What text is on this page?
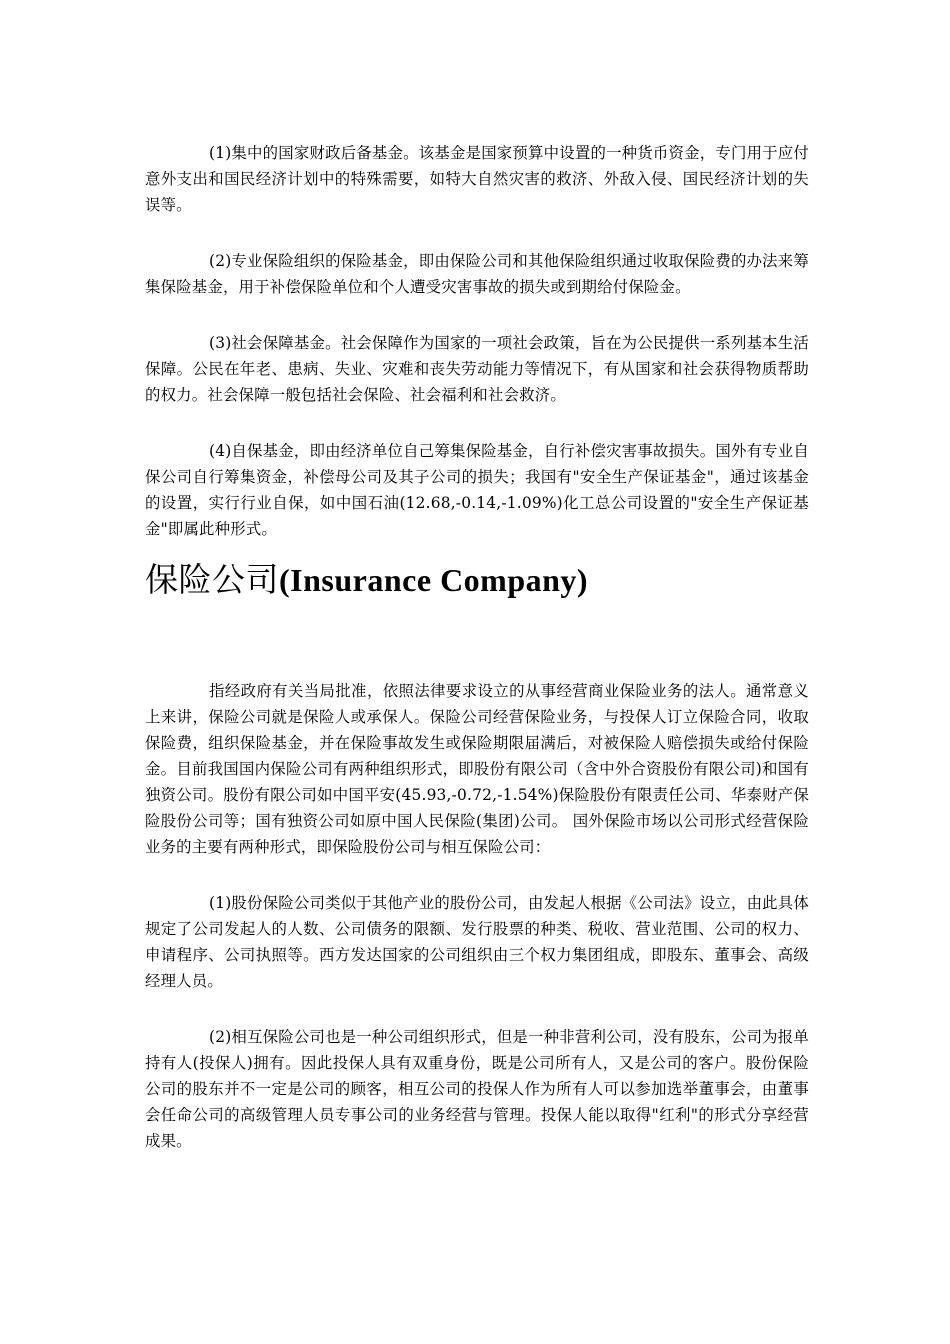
(1)集中的国家财政后备基金。该基金是国家预算中设置的一种货币资金，专门用于应付意外支出和国民经济计划中的特殊需要，如特大自然灾害的救济、外敌入侵、国民经济计划的失误等。

(2)专业保险组织的保险基金，即由保险公司和其他保险组织通过收取保险费的办法来筹集保险基金，用于补偿保险单位和个人遭受灾害事故的损失或到期给付保险金。

(3)社会保障基金。社会保障作为国家的一项社会政策，旨在为公民提供一系列基本生活保障。公民在年老、患病、失业、灾难和丧失劳动能力等情况下，有从国家和社会获得物质帮助的权力。社会保障一般包括社会保险、社会福利和社会救济。

(4)自保基金，即由经济单位自己筹集保险基金，自行补偿灾害事故损失。国外有专业自保公司自行筹集资金，补偿母公司及其子公司的损失；我国有"安全生产保证基金"，通过该基金的设置，实行行业自保，如中国石油(12.68,-0.14,-1.09%)化工总公司设置的"安全生产保证基金"即属此种形式。

保险公司(Insurance Company)

指经政府有关当局批准，依照法律要求设立的从事经营商业保险业务的法人。通常意义上来讲，保险公司就是保险人或承保人。保险公司经营保险业务，与投保人订立保险合同，收取保险费，组织保险基金，并在保险事故发生或保险期限届满后，对被保险人赔偿损失或给付保险金。目前我国国内保险公司有两种组织形式，即股份有限公司（含中外合资股份有限公司)和国有独资公司。股份有限公司如中国平安(45.93,-0.72,-1.54%)保险股份有限责任公司、华泰财产保险股份公司等；国有独资公司如原中国人民保险(集团)公司。 国外保险市场以公司形式经营保险业务的主要有两种形式，即保险股份公司与相互保险公司：

(1)股份保险公司类似于其他产业的股份公司，由发起人根据《公司法》设立，由此具体规定了公司发起人的人数、公司债务的限额、发行股票的种类、税收、营业范围、公司的权力、申请程序、公司执照等。西方发达国家的公司组织由三个权力集团组成，即股东、董事会、高级经理人员。

(2)相互保险公司也是一种公司组织形式，但是一种非营利公司，没有股东，公司为报单持有人(投保人)拥有。因此投保人具有双重身份，既是公司所有人，又是公司的客户。股份保险公司的股东并不一定是公司的顾客，相互公司的投保人作为所有人可以参加选举董事会，由董事会任命公司的高级管理人员专事公司的业务经营与管理。投保人能以取得"红利"的形式分享经营成果。
